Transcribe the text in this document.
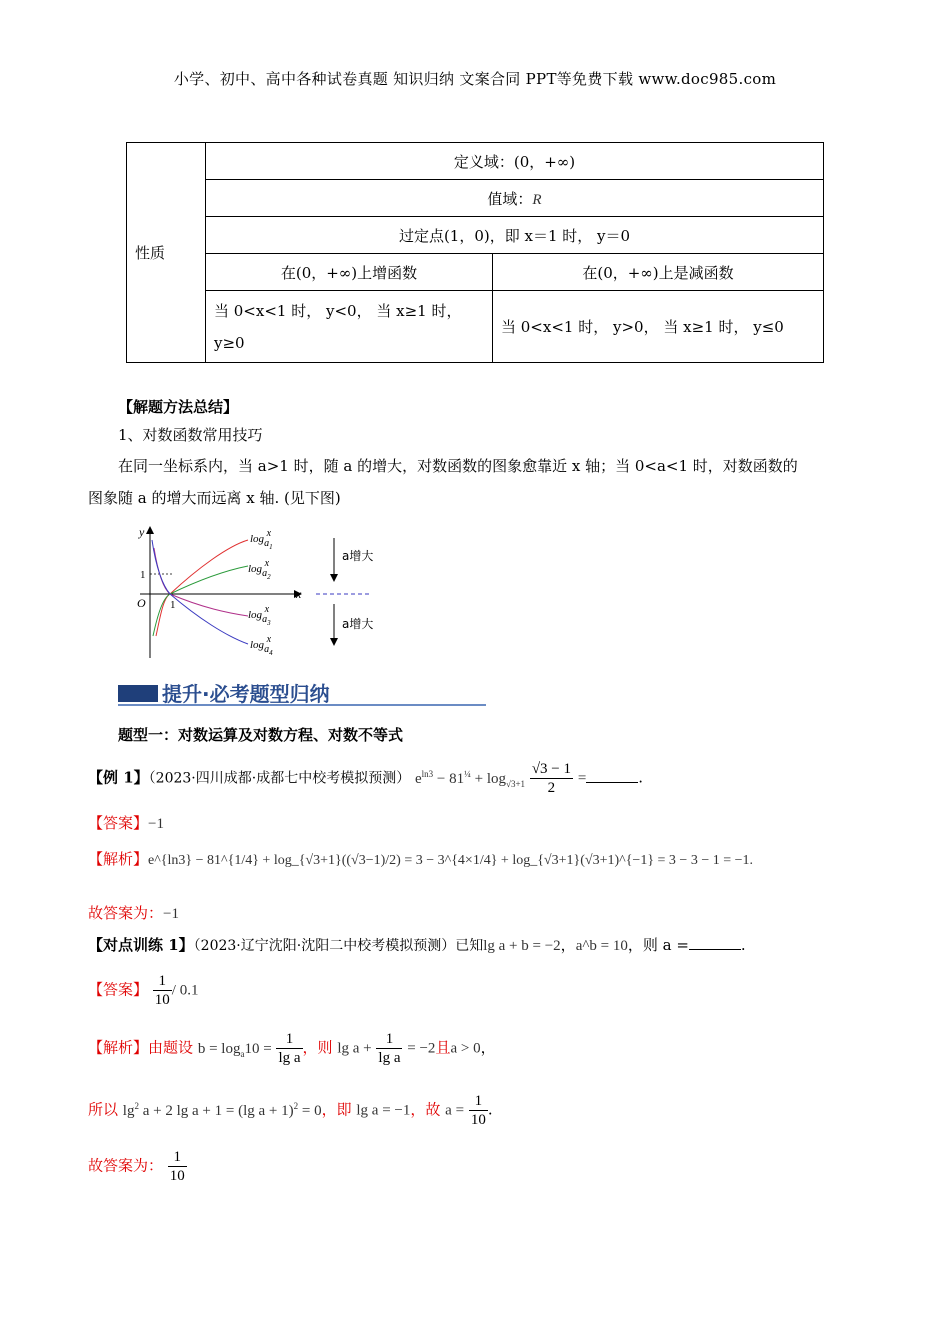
小学、初中、高中各种试卷真题 知识归纳 文案合同 PPT等免费下载 www.doc985.com
性质	定义域：(0，+∞)	
	值域：R	
	过定点(1，0)，即 x＝1 时， y＝0	
	在(0，+∞)上增函数	在(0，+∞)上是减函数
	当 0<x<1 时， y<0， 当 x≥1 时， y≥0	当 0<x<1 时， y>0， 当 x≥1 时， y≤0
【解题方法总结】
1、对数函数常用技巧
在同一坐标系内，当 a>1 时，随 a 的增大，对数函数的图象愈靠近 x 轴；当 0<a<1 时，对数函数的
图象随 a 的增大而远离 x 轴. (见下图)
y
x
O
1
1
loga$_1$x
loga$_2$x
loga$_3$x
loga$_4$x
a增大
a增大
提升·必考题型归纳
题型一：对数运算及对数方程、对数不等式
【例 1】（2023·四川成都·成都七中校考模拟预测） $e^{ln3} - 81^{\frac{1}{4}} + \log_{√3+1} \frac{√3 - 1}{2}$ =	.
【答案】−1
【解析】e^{ln3} − 81^{1/4} + log_{√3+1}((√3−1)/2) = 3 − 3^{4×1/4} + log_{√3+1}(√3+1)^{−1} = 3 − 3 − 1 = −1.
故答案为：−1
【对点训练 1】（2023·辽宁沈阳·沈阳二中校考模拟预测）已知lg a + b = −2，a^b = 10，则 a =	.
【答案】 $\frac{1}{10} / 0.1$
【解析】由题设 $b = \log_a10 = \frac{1}{\text{lg a}}$ ，则 $\lg a + \frac{1}{\text{lg a}} = -2$且a > 0，
所以 $\lg^2 a + 2$ lg a + 1 = (lg a + 1)$^2$ = 0，即 lg a = −1，故 $a = \frac{1}{10}$ .
故答案为： $\frac{1}{10}$
